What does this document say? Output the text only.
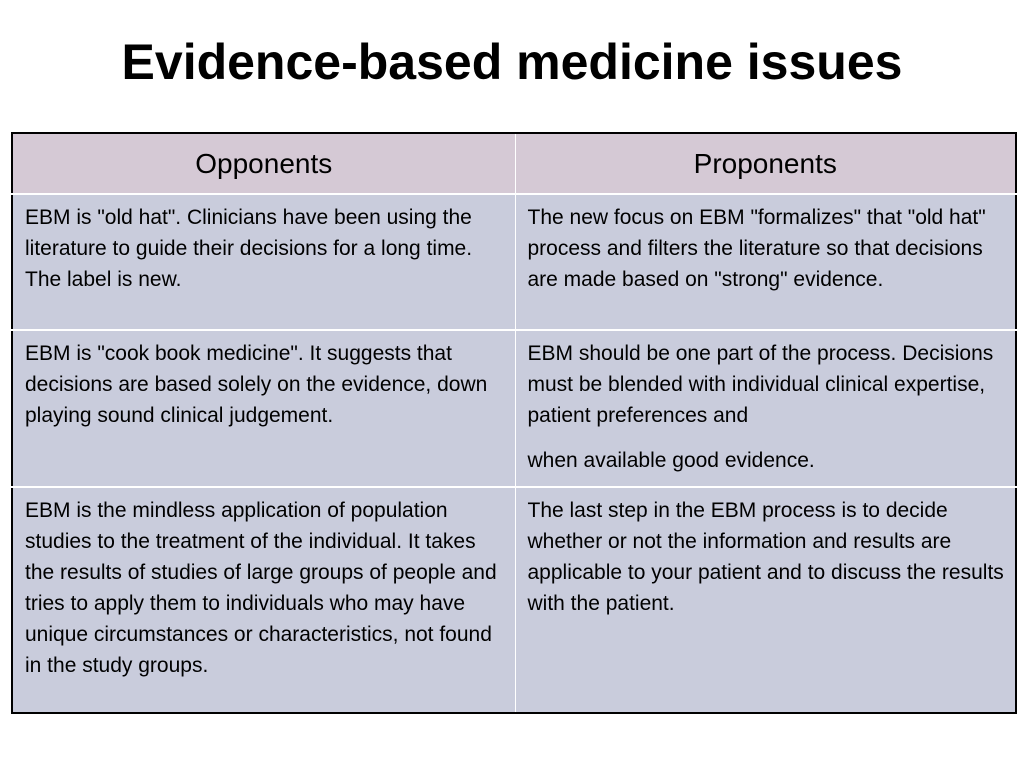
Evidence-based medicine issues
Opponents	Proponents
EBM is "old hat". Clinicians have been using the literature to guide their decisions for a long time. The label is new.	The new focus on EBM "formalizes" that "old hat" process and filters the literature so that decisions are made based on "strong" evidence.
EBM is "cook book medicine". It suggests that decisions are based solely on the evidence, down playing sound clinical judgement.	EBM should be one part of the process. Decisions must be blended with individual clinical expertise, patient preferences and
when available good evidence.

EBM is the mindless application of population studies to the treatment of the individual. It takes the results of studies of large groups of people and tries to apply them to individuals who may have unique circumstances or characteristics, not found in the study groups.	The last step in the EBM process is to decide whether or not the information and results are applicable to your patient and to discuss the results with the patient.
